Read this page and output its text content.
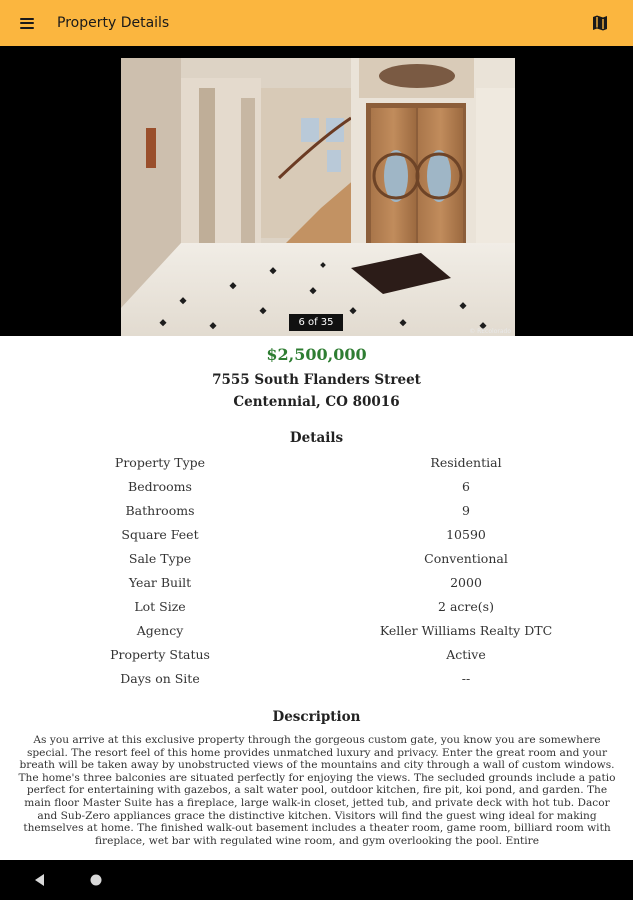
Property Details
6 of 35
© REcolorado
$2,500,000
7555 South Flanders Street
Centennial, CO 80016
Details
Property Type	Residential
Bedrooms	6
Bathrooms	9
Square Feet	10590
Sale Type	Conventional
Year Built	2000
Lot Size	2 acre(s)
Agency	Keller Williams Realty DTC
Property Status	Active
Days on Site	--
Description
As you arrive at this exclusive property through the gorgeous custom gate, you know you are somewhere special. The resort feel of this home provides unmatched luxury and privacy. Enter the great room and your breath will be taken away by unobstructed views of the mountains and city through a wall of custom windows. The home's three balconies are situated perfectly for enjoying the views. The secluded grounds include a patio perfect for entertaining with gazebos, a salt water pool, outdoor kitchen, fire pit, koi pond, and garden. The main floor Master Suite has a fireplace, large walk-in closet, jetted tub, and private deck with hot tub. Dacor and Sub-Zero appliances grace the distinctive kitchen. Visitors will find the guest wing ideal for making themselves at home. The finished walk-out basement includes a theater room, game room, billiard room with fireplace, wet bar with regulated wine room, and gym overlooking the pool. Entire
